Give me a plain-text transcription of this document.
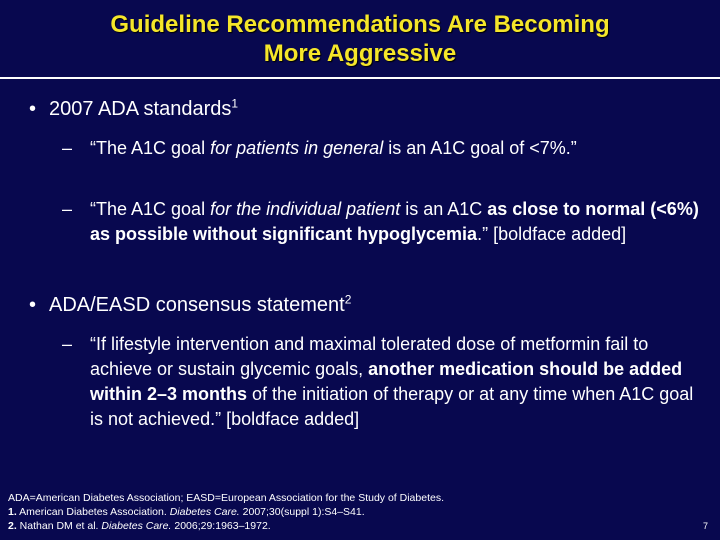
Guideline Recommendations Are Becoming
More Aggressive
• 2007 ADA standards$^1$
– “The A1C goal for patients in general is an A1C goal of <7%.”
– “The A1C goal for the individual patient is an A1C as close to normal (<6%) as possible without significant hypoglycemia.” [boldface added]
• ADA/EASD consensus statement$^2$
– “If lifestyle intervention and maximal tolerated dose of metformin fail to achieve or sustain glycemic goals, another medication should be added within 2–3 months of the initiation of therapy or at any time when A1C goal is not achieved.” [boldface added]
ADA=American Diabetes Association; EASD=European Association for the Study of Diabetes.
1. American Diabetes Association. Diabetes Care. 2007;30(suppl 1):S4–S41.
2. Nathan DM et al. Diabetes Care. 2006;29:1963–1972.	7
